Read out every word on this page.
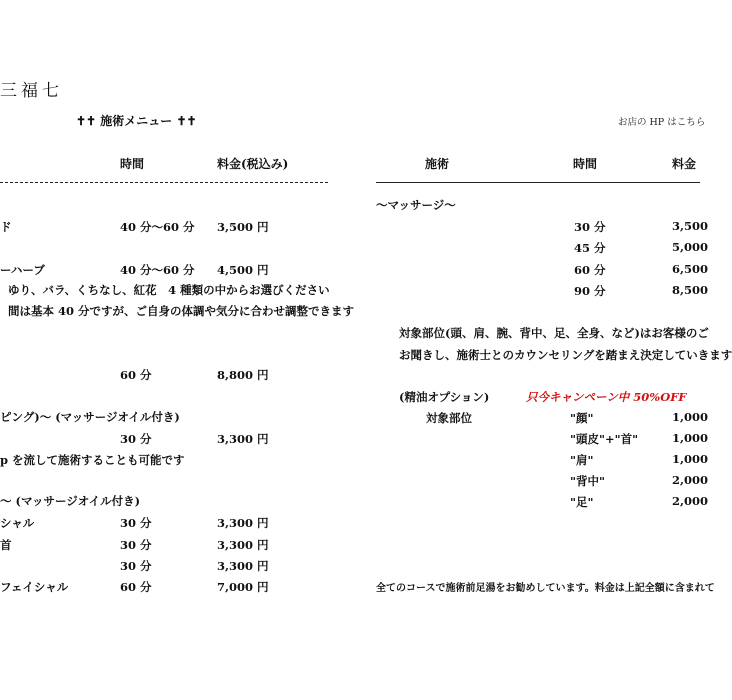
三福七
✝✝ 施術メニュー ✝✝	お店の HP はこちら
時間	料金(税込み)
ド	40 分～60 分 3,500 円
ーハーブ	40 分～60 分 4,500 円
ゆり、バラ、くちなし、紅花　4 種類の中からお選びください
間は基本 40 分ですが、ご自身の体調や気分に合わせ調整できます
60 分	8,800 円
ピング)～ (マッサージオイル付き)
30 分	3,300 円
p を流して施術することも可能です
～ (マッサージオイル付き)
シャル	30 分	3,300 円
首	30 分	3,300 円
30 分	3,300 円
フェイシャル	60 分	7,000 円
施術	時間	料金
～マッサージ～
30 分	3,500
45 分	5,000
60 分	6,500
90 分	8,500
対象部位(頭、肩、腕、背中、足、全身、など)はお客様のご
お聞きし、施術士とのカウンセリングを踏まえ決定していきます
(精油オプション)	只今キャンペーン中 50%OFF
対象部位	"顔"	1,000
"頭皮"+"首"	1,000
"肩"	1,000
"背中"	2,000
"足"	2,000
全てのコースで施術前足湯をお勧めしています。料金は上記全額に含まれて
